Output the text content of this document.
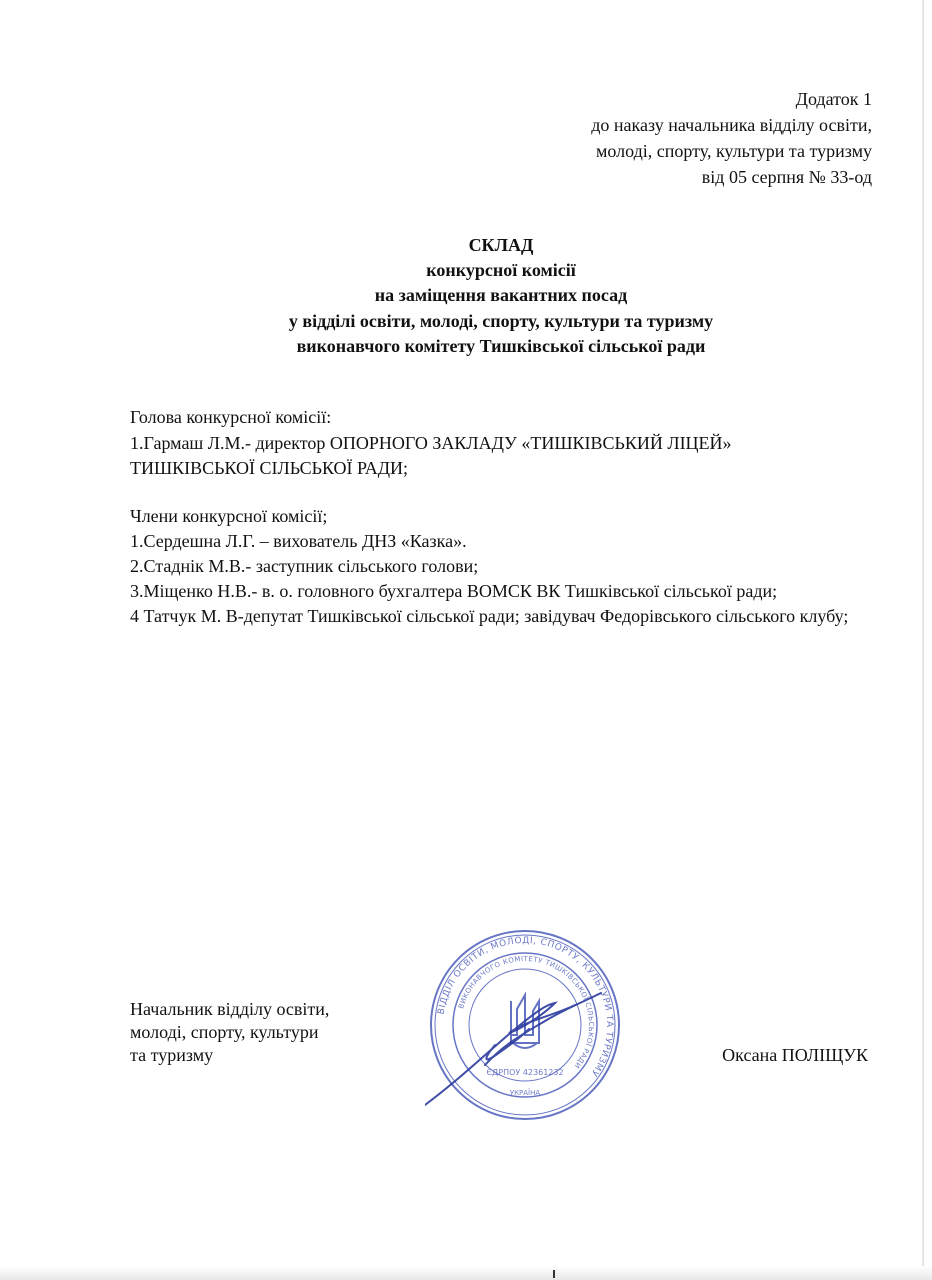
Додаток 1
до наказу начальника відділу освіти,
молоді, спорту, культури та туризму
від 05 серпня № 33-од
СКЛАД
конкурсної комісії
на заміщення вакантних посад
у відділі освіти, молоді, спорту, культури та туризму
виконавчого комітету Тишківської сільської ради
Голова конкурсної комісії:
1.Гармаш Л.М.- директор ОПОРНОГО ЗАКЛАДУ «ТИШКІВСЬКИЙ ЛІЦЕЙ»
ТИШКІВСЬКОЇ СІЛЬСЬКОЇ РАДИ;
Члени конкурсної комісії;
1.Сердешна Л.Г. – вихователь ДНЗ «Казка».
2.Стаднік М.В.- заступник сільського голови;
3.Міщенко Н.В.- в. о. головного бухгалтера ВОМСК ВК Тишківської сільської ради;
4 Татчук М. В-депутат Тишківської сільської ради; завідувач Федорівського сільського клубу;
Начальник відділу освіти,
молоді, спорту, культури
та туризму	Оксана ПОЛІЩУК
ВІДДІЛ ОСВІТИ, МОЛОДІ, СПОРТУ, КУЛЬТУРИ ТА ТУРИЗМУ
ВИКОНАВЧОГО КОМІТЕТУ ТИШКІВСЬКОЇ СІЛЬСЬКОЇ РАДИ
ЄДРПОУ 42361232
УКРАЇНА
